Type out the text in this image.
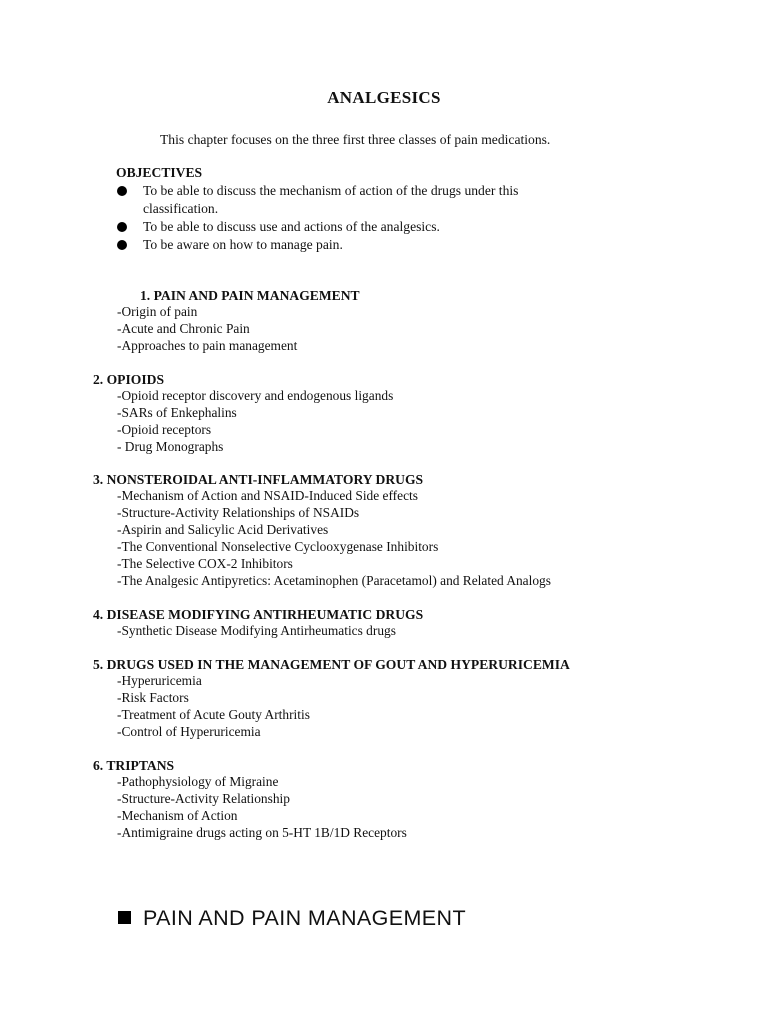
ANALGESICS
This chapter focuses on the three first three classes of pain medications.
OBJECTIVES
To be able to discuss the mechanism of action of the drugs under this
classification.
To be able to discuss use and actions of the analgesics.
To be aware on how to manage pain.
1. PAIN AND PAIN MANAGEMENT
-Origin of pain
-Acute and Chronic Pain
-Approaches to pain management
2. OPIOIDS
-Opioid receptor discovery and endogenous ligands
-SARs of Enkephalins
-Opioid receptors
- Drug Monographs
3. NONSTEROIDAL ANTI-INFLAMMATORY DRUGS
-Mechanism of Action and NSAID-Induced Side effects
-Structure-Activity Relationships of NSAIDs
-Aspirin and Salicylic Acid Derivatives
-The Conventional Nonselective Cyclooxygenase Inhibitors
-The Selective COX-2 Inhibitors
-The Analgesic Antipyretics: Acetaminophen (Paracetamol) and Related Analogs
4. DISEASE MODIFYING ANTIRHEUMATIC DRUGS
-Synthetic Disease Modifying Antirheumatics drugs
5. DRUGS USED IN THE MANAGEMENT OF GOUT AND HYPERURICEMIA
-Hyperuricemia
-Risk Factors
-Treatment of Acute Gouty Arthritis
-Control of Hyperuricemia
6. TRIPTANS
-Pathophysiology of Migraine
-Structure-Activity Relationship
-Mechanism of Action
-Antimigraine drugs acting on 5-HT 1B/1D Receptors
PAIN AND PAIN MANAGEMENT
